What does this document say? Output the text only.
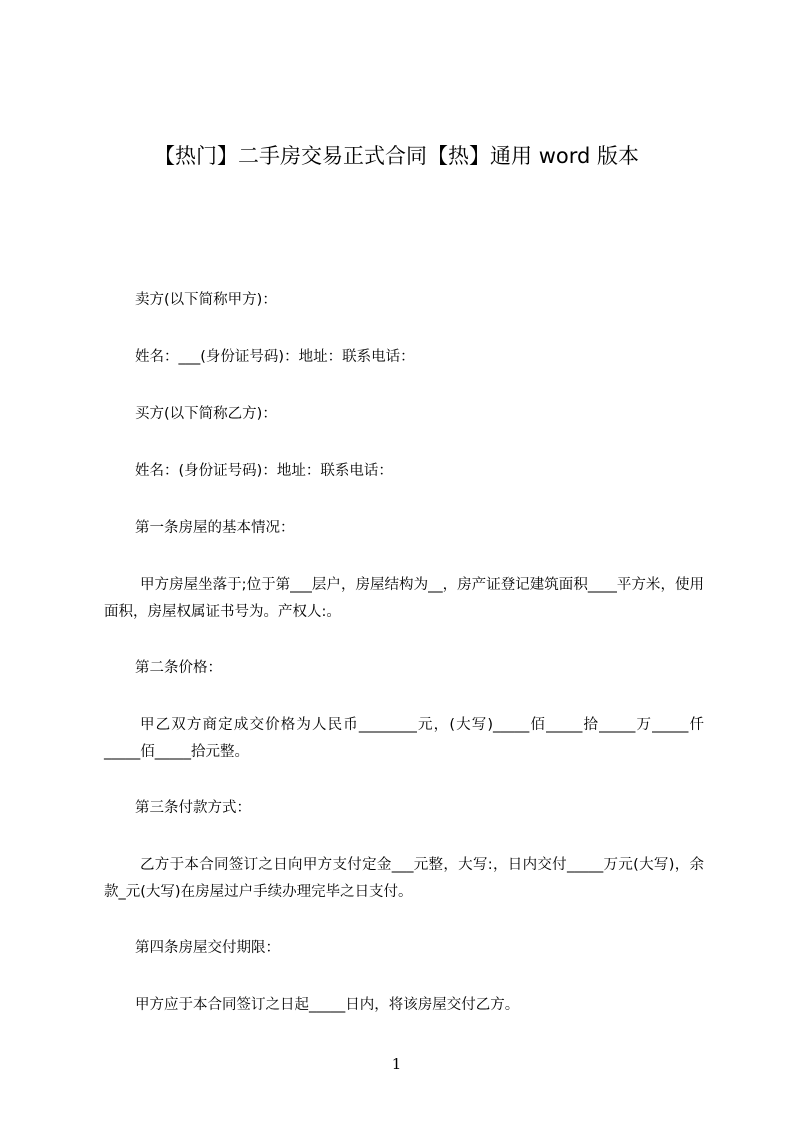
【热门】二手房交易正式合同【热】通用 word 版本

卖方(以下简称甲方)：

姓名：___(身份证号码)：地址：联系电话：

买方(以下简称乙方)：

姓名：(身份证号码)：地址：联系电话：

第一条房屋的基本情况：

甲方房屋坐落于;位于第___层户，房屋结构为__，房产证登记建筑面积____平方米，使用面积，房屋权属证书号为。产权人:。

第二条价格：

甲乙双方商定成交价格为人民币________元，(大写)_____佰_____拾_____万_____仟_____佰_____拾元整。

第三条付款方式：

乙方于本合同签订之日向甲方支付定金___元整，大写:，日内交付_____万元(大写)，余款_元(大写)在房屋过户手续办理完毕之日支付。

第四条房屋交付期限：

甲方应于本合同签订之日起_____日内，将该房屋交付乙方。

1
